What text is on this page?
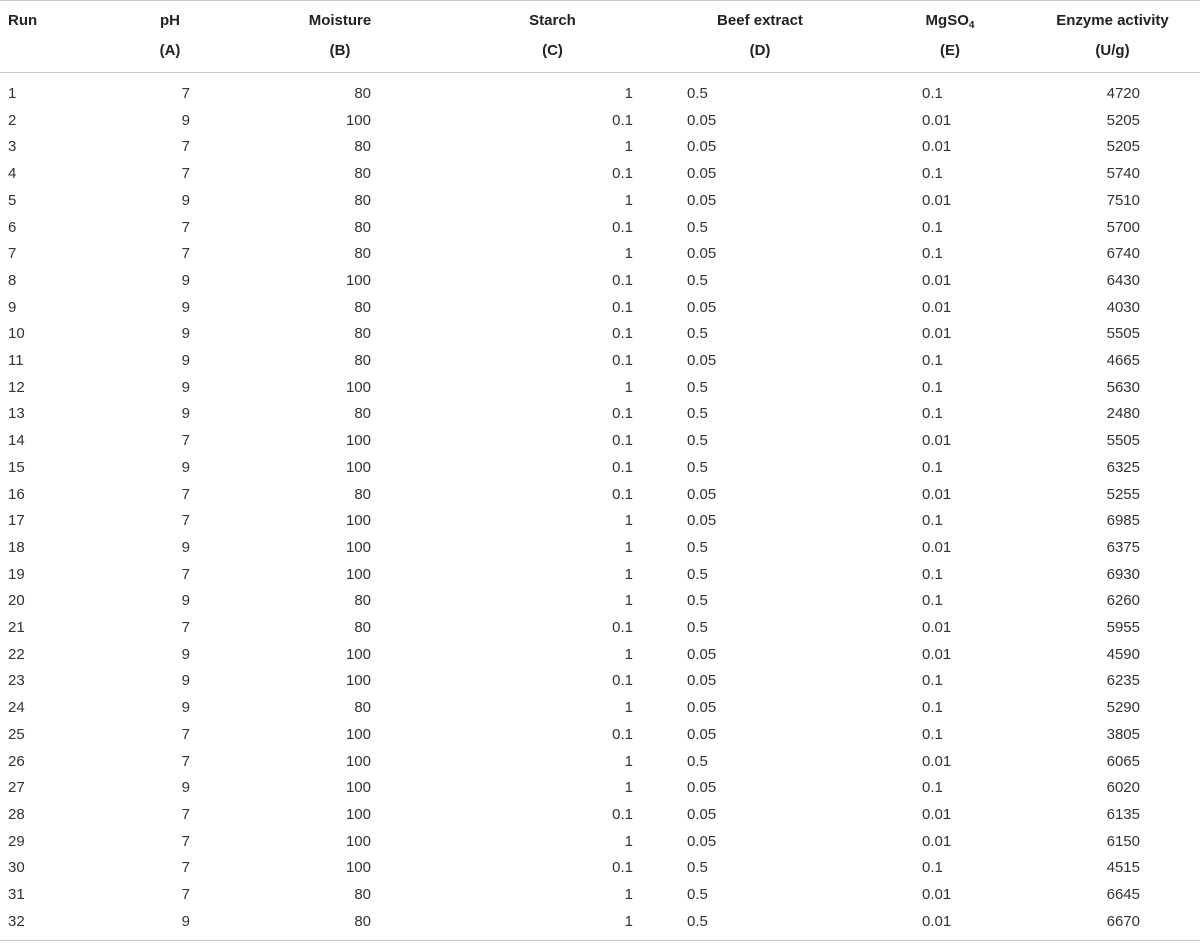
Run	pH	Moisture	Starch	Beef extract	MgSO$_4$	Enzyme activity
	(A)	(B)	(C)	(D)	(E)	(U/g)
1	7	80	1	0.5	0.1	4720
2	9	100	0.1	0.05	0.01	5205
3	7	80	1	0.05	0.01	5205
4	7	80	0.1	0.05	0.1	5740
5	9	80	1	0.05	0.01	7510
6	7	80	0.1	0.5	0.1	5700
7	7	80	1	0.05	0.1	6740
8	9	100	0.1	0.5	0.01	6430
9	9	80	0.1	0.05	0.01	4030
10	9	80	0.1	0.5	0.01	5505
11	9	80	0.1	0.05	0.1	4665
12	9	100	1	0.5	0.1	5630
13	9	80	0.1	0.5	0.1	2480
14	7	100	0.1	0.5	0.01	5505
15	9	100	0.1	0.5	0.1	6325
16	7	80	0.1	0.05	0.01	5255
17	7	100	1	0.05	0.1	6985
18	9	100	1	0.5	0.01	6375
19	7	100	1	0.5	0.1	6930
20	9	80	1	0.5	0.1	6260
21	7	80	0.1	0.5	0.01	5955
22	9	100	1	0.05	0.01	4590
23	9	100	0.1	0.05	0.1	6235
24	9	80	1	0.05	0.1	5290
25	7	100	0.1	0.05	0.1	3805
26	7	100	1	0.5	0.01	6065
27	9	100	1	0.05	0.1	6020
28	7	100	0.1	0.05	0.01	6135
29	7	100	1	0.05	0.01	6150
30	7	100	0.1	0.5	0.1	4515
31	7	80	1	0.5	0.01	6645
32	9	80	1	0.5	0.01	6670
